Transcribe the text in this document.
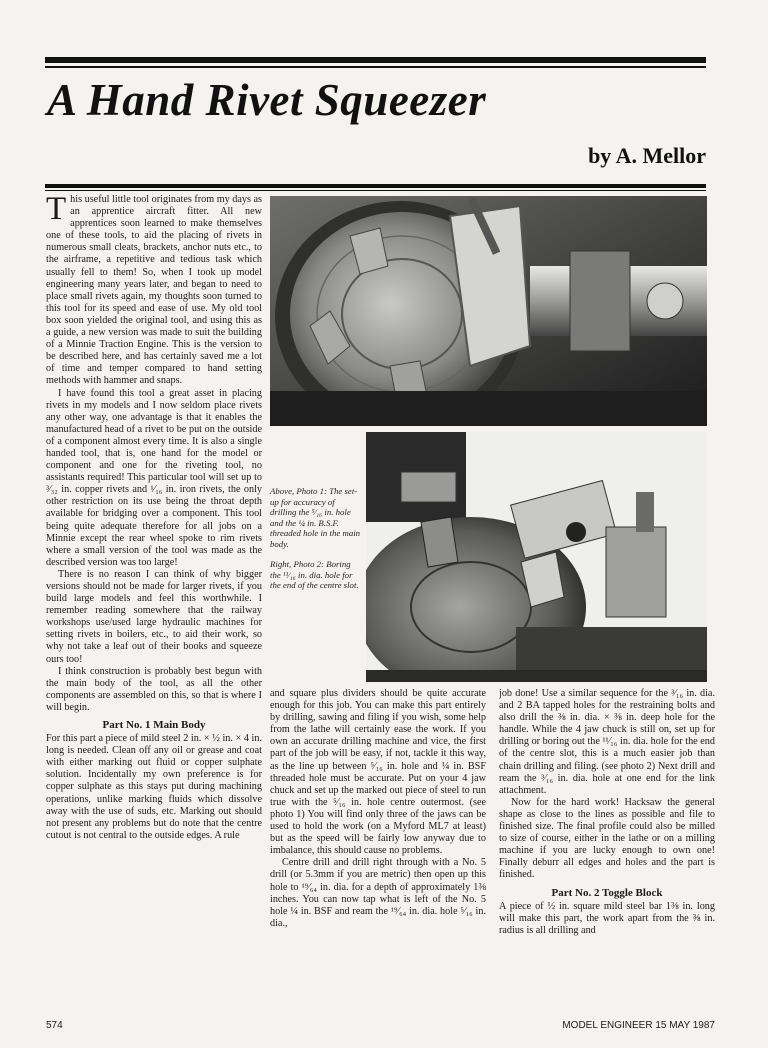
A Hand Rivet Squeezer
by A. Mellor

This useful little tool originates from my days as an apprentice aircraft fitter. All new apprentices soon learned to make themselves one of these tools, to aid the placing of rivets in numerous small cleats, brackets, anchor nuts etc., to the airframe, a repetitive and tedious task which usually fell to them! So, when I took up model engineering many years later, and began to need to place small rivets again, my thoughts soon turned to this tool for its speed and ease of use. My old tool box soon yielded the original tool, and using this as a guide, a new version was made to suit the building of a Minnie Traction Engine. This is the version to be described here, and has certainly saved me a lot of time and temper compared to hand setting methods with hammer and snaps.

I have found this tool a great asset in placing rivets in my models and I now seldom place rivets any other way, one advantage is that it enables the manufactured head of a rivet to be put on the outside of a component almost every time. It is also a single handed tool, that is, one hand for the model or component and one for the riveting tool, no assistants required! This particular tool will set up to ³⁄₃₂ in. copper rivets and ¹⁄₁₆ in. iron rivets, the only other restriction on its use being the throat depth available for bridging over a component. This tool being quite adequate therefore for all jobs on a Minnie except the rear wheel spoke to rim rivets where a small version of the tool was made as the described version was too large!

There is no reason I can think of why bigger versions should not be made for larger rivets, if you build large models and feel this worthwhile. I remember reading somewhere that the railway workshops use/used large hydraulic machines for setting rivets in boilers, etc., to aid their work, so why not take a leaf out of their books and squeeze ours too!

I think construction is probably best begun with the main body of the tool, as all the other components are assembled on this, so that is where I will begin.

Part No. 1 Main Body

For this part a piece of mild steel 2 in. × ½ in. × 4 in. long is needed. Clean off any oil or grease and coat with either marking out fluid or copper sulphate solution. Incidentally my own preference is for copper sulphate as this stays put during machining operations, unlike marking fluids which dissolve away with the use of suds, etc. Marking out should not present any problems but do note that the centre cutout is not central to the outside edges. A rule

Above, Photo 1: The set-up for accuracy of drilling the ⁵⁄₁₆ in. hole and the ¼ in. B.S.F. threaded hole in the main body.

Right, Photo 2: Boring the ¹¹⁄₁₆ in. dia. hole for the end of the centre slot.

and square plus dividers should be quite accurate enough for this job. You can make this part entirely by drilling, sawing and filing if you wish, some help from the lathe will certainly ease the work. If you own an accurate drilling machine and vice, the first part of the job will be easy, if not, tackle it this way, as the line up between ⁵⁄₁₆ in. hole and ¼ in. BSF threaded hole must be accurate. Put on your 4 jaw chuck and set up the marked out piece of steel to run true with the ⁵⁄₁₆ in. hole centre outermost. (see photo 1) You will find only three of the jaws can be used to hold the work (on a Myford ML7 at least) but as the speed will be fairly low anyway due to imbalance, this should cause no problems.

Centre drill and drill right through with a No. 5 drill (or 5.3mm if you are metric) then open up this hole to ¹⁹⁄₆₄ in. dia. for a depth of approximately 1⅜ inches. You can now tap what is left of the No. 5 hole ¼ in. BSF and ream the ¹⁹⁄₆₄ in. dia. hole ⁵⁄₁₆ in. dia.,

job done! Use a similar sequence for the ³⁄₁₆ in. dia. and 2 BA tapped holes for the restraining bolts and also drill the ⅜ in. dia. × ⅜ in. deep hole for the handle. While the 4 jaw chuck is still on, set up for drilling or boring out the ¹¹⁄₁₆ in. dia. hole for the end of the centre slot, this is a much easier job than chain drilling and filing. (see photo 2) Next drill and ream the ³⁄₁₆ in. dia. hole at one end for the link attachment.

Now for the hard work! Hacksaw the general shape as close to the lines as possible and file to finished size. The final profile could also be milled to size of course, either in the lathe or on a milling machine if you are lucky enough to own one! Finally deburr all edges and holes and the part is finished.

Part No. 2 Toggle Block

A piece of ½ in. square mild steel bar 1⅜ in. long will make this part, the work apart from the ⅜ in. radius is all drilling and

574	MODEL ENGINEER 15 MAY 1987
